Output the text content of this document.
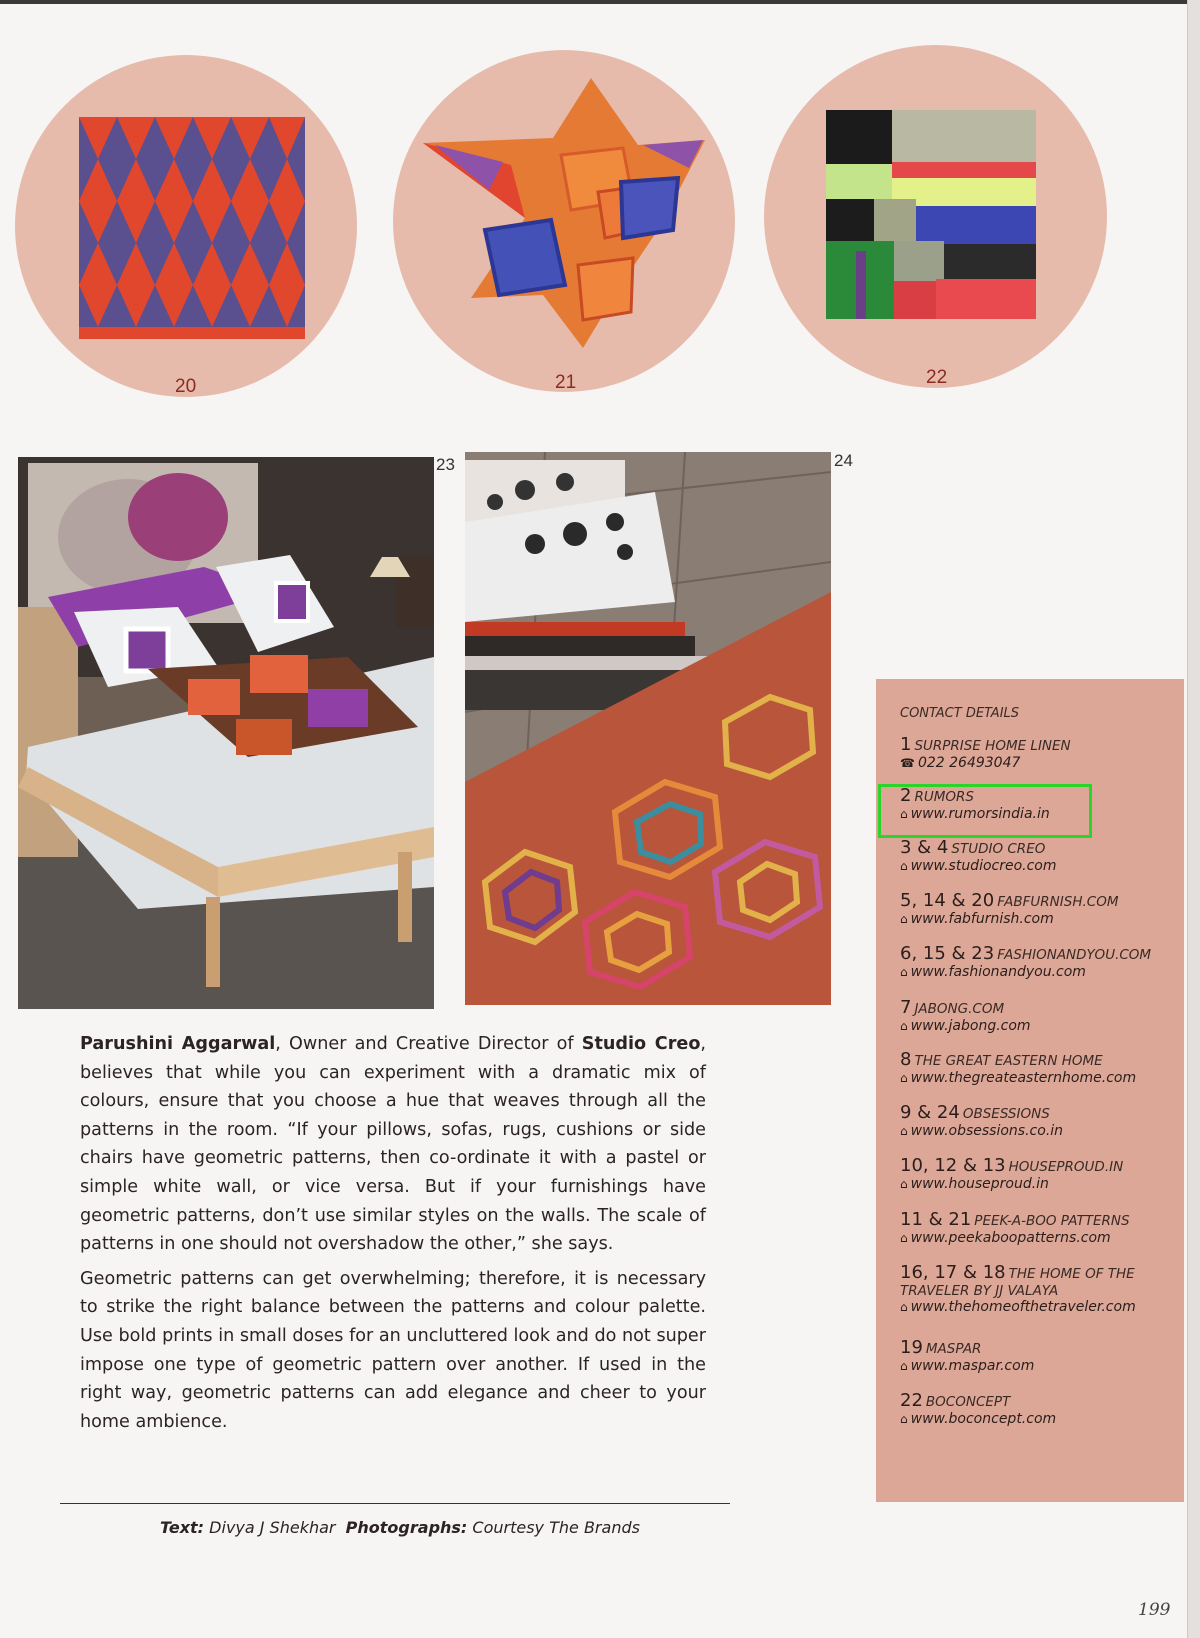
20	21	22
23	24

Parushini Aggarwal, Owner and Creative Director of Studio Creo, believes that while you can experiment with a dramatic mix of colours, ensure that you choose a hue that weaves through all the patterns in the room. “If your pillows, sofas, rugs, cushions or side chairs have geometric patterns, then co-ordinate it with a pastel or simple white wall, or vice versa. But if your furnishings have geometric patterns, don’t use similar styles on the walls. The scale of patterns in one should not overshadow the other,” she says.

Geometric patterns can get overwhelming; therefore, it is necessary to strike the right balance between the patterns and colour palette. Use bold prints in small doses for an uncluttered look and do not super impose one type of geometric pattern over another. If used in the right way, geometric patterns can add elegance and cheer to your home ambience.

Text: Divya J Shekhar Photographs: Courtesy The Brands
199
CONTACT DETAILS
1 SURPRISE HOME LINEN
☎ 022 26493047
2 RUMORS
⌂ www.rumorsindia.in
3 & 4 STUDIO CREO
⌂ www.studiocreo.com
5, 14 & 20 FABFURNISH.COM
⌂ www.fabfurnish.com
6, 15 & 23 FASHIONANDYOU.COM
⌂ www.fashionandyou.com
7 JABONG.COM
⌂ www.jabong.com
8 THE GREAT EASTERN HOME
⌂ www.thegreateasternhome.com
9 & 24 OBSESSIONS
⌂ www.obsessions.co.in
10, 12 & 13 HOUSEPROUD.IN
⌂ www.houseproud.in
11 & 21 PEEK-A-BOO PATTERNS
⌂ www.peekaboopatterns.com
16, 17 & 18 THE HOME OF THE TRAVELER BY JJ VALAYA
⌂ www.thehomeofthetraveler.com
19 MASPAR
⌂ www.maspar.com
22 BOCONCEPT
⌂ www.boconcept.com
